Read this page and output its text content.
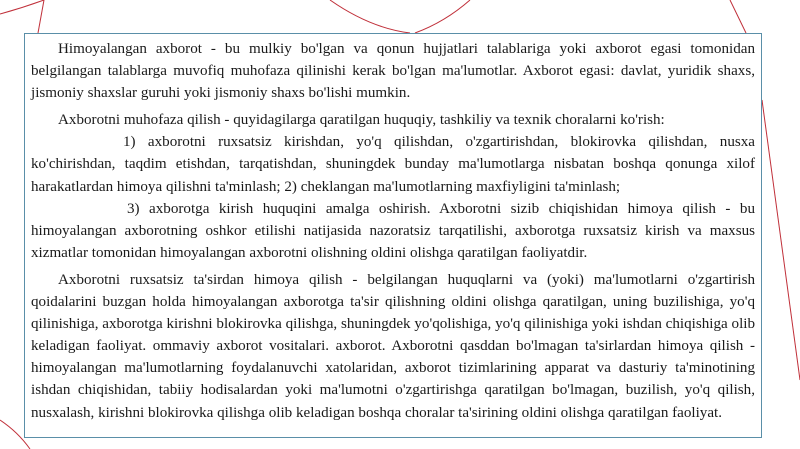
Himoyalangan axborot - bu mulkiy bo'lgan va qonun hujjatlari talablariga yoki axborot egasi tomonidan belgilangan talablarga muvofiq muhofaza qilinishi kerak bo'lgan ma'lumotlar. Axborot egasi: davlat, yuridik shaxs, jismoniy shaxslar guruhi yokі jismoniy shaxs bo'lishi mumkin.

Axborotni muhofaza qilish - quyidagilarga qaratilgan huquqiy, tashkiliy va texnik choralarni ko'rish:

1) axborotni ruxsatsiz kirishdan, yo'q qilishdan, o'zgartirishdan, blokirovka qilishdan, nusxa ko'chirishdan, taqdim etishdan, tarqatishdan, shuningdek bunday ma'lumotlarga nisbatan boshqa qonunga xilof harakatlardan himoya qilishni ta'minlash; 2) cheklangan ma'lumotlarning maxfiyligini ta'minlash;

3) axborotga kirish huquqini amalga oshirish. Axborotni sizib chiqishidan himoya qilish - bu himoyalangan axborotning oshkor etilishi natijasida nazoratsiz tarqatilishi, axborotga ruxsatsiz kirish va maxsus xizmatlar tomonidan himoyalangan axborotni olishning oldini olishga qaratilgan faoliyatdir.

Axborotni ruxsatsiz ta'sirdan himoya qilish - belgilangan huquqlarni va (yoki) ma'lumotlarni o'zgartirish qoidalarini buzgan holda himoyalangan axborotga ta'sir qilishning oldini olishga qaratilgan, uning buzilishiga, yo'q qilinishiga, axborotga kirishni blokirovka qilishga, shuningdek yo'qolishiga, yo'q qilinishiga yoki ishdan chiqishiga olib keladigan faoliyat. ommaviy axborot vositalari. axborot. Axborotni qasddan bo'lmagan ta'sirlardan himoya qilish - himoyalangan ma'lumotlarning foydalanuvchi xatolaridan, axborot tizimlarining apparat va dasturiy ta'minotining ishdan chiqishidan, tabiiy hodisalardan yoki ma'lumotni o'zgartirishga qaratilgan bo'lmagan, buzilish, yo'q qilish, nusxalash, kirishni blokirovka qilishga olib keladigan boshqa choralar ta'sirining oldini olishga qaratilgan faoliyat.
